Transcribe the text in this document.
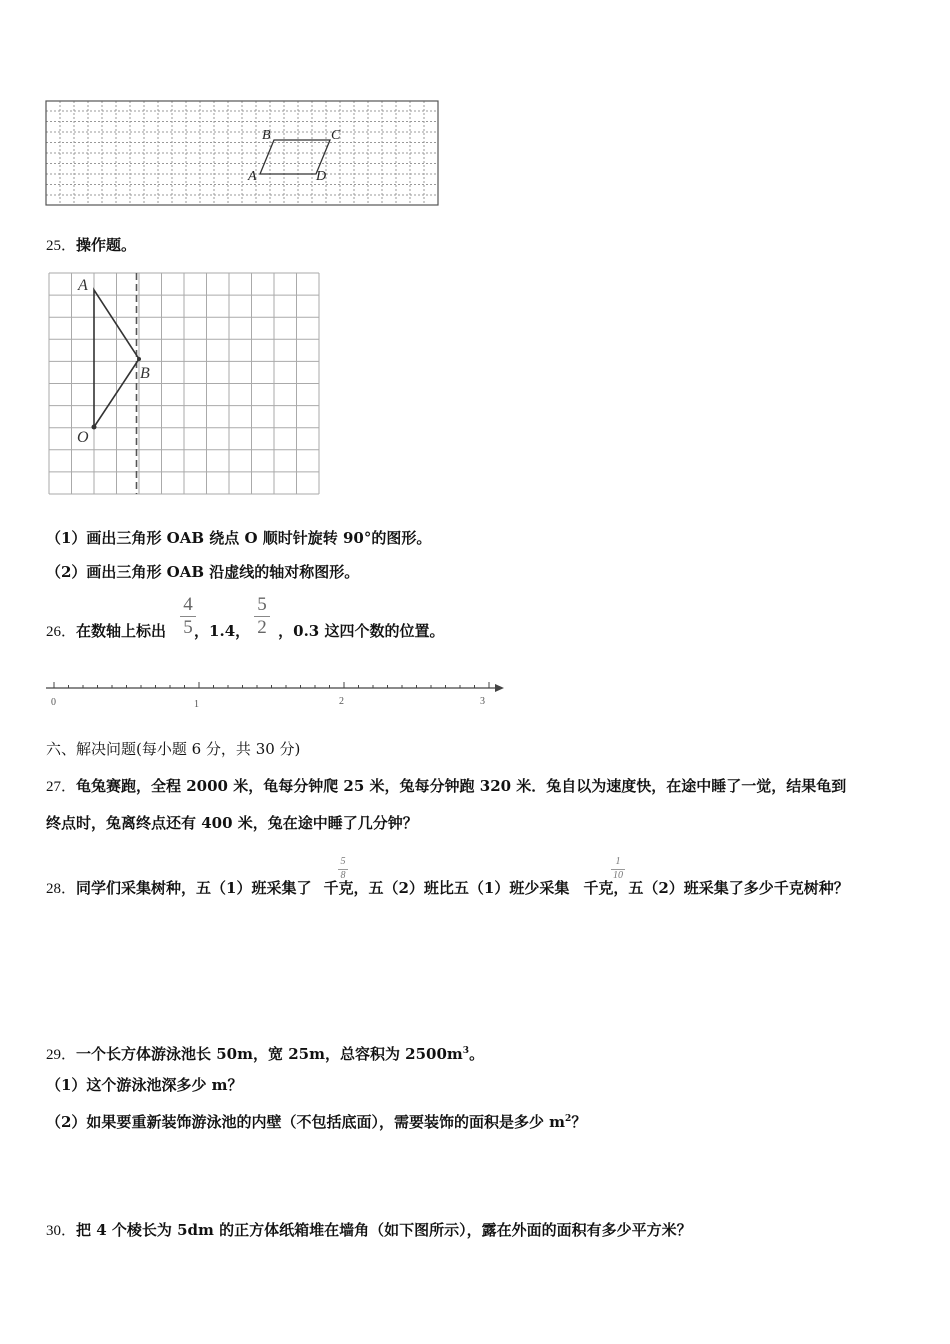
B	C
A	D
25．操作题。
A
B
O
（1）画出三角形 OAB 绕点 O 顺时针旋转 90°的图形。
（2）画出三角形 OAB 沿虚线的轴对称图形。
26．在数轴上标出 ，1.4， ，0.3 这四个数的位置。
4
5
5
2
0	1	2	3
六、解决问题(每小题 6 分，共 30 分)
27．龟兔赛跑，全程 2000 米，龟每分钟爬 25 米，兔每分钟跑 320 米．兔自以为速度快，在途中睡了一觉，结果龟到
终点时，兔离终点还有 400 米，兔在途中睡了几分钟？
28．同学们采集树种，五（1）班采集了 千克，五（2）班比五（1）班少采集 千克，五（2）班采集了多少千克树种？
5
8
1
10
29．一个长方体游泳池长 50m，宽 25m，总容积为 $2500m^3$。
（1）这个游泳池深多少 m？
（2）如果要重新装饰游泳池的内壁（不包括底面），需要装饰的面积是多少 $m^2$？
30．把 4 个棱长为 5dm 的正方体纸箱堆在墙角（如下图所示），露在外面的面积有多少平方米？
